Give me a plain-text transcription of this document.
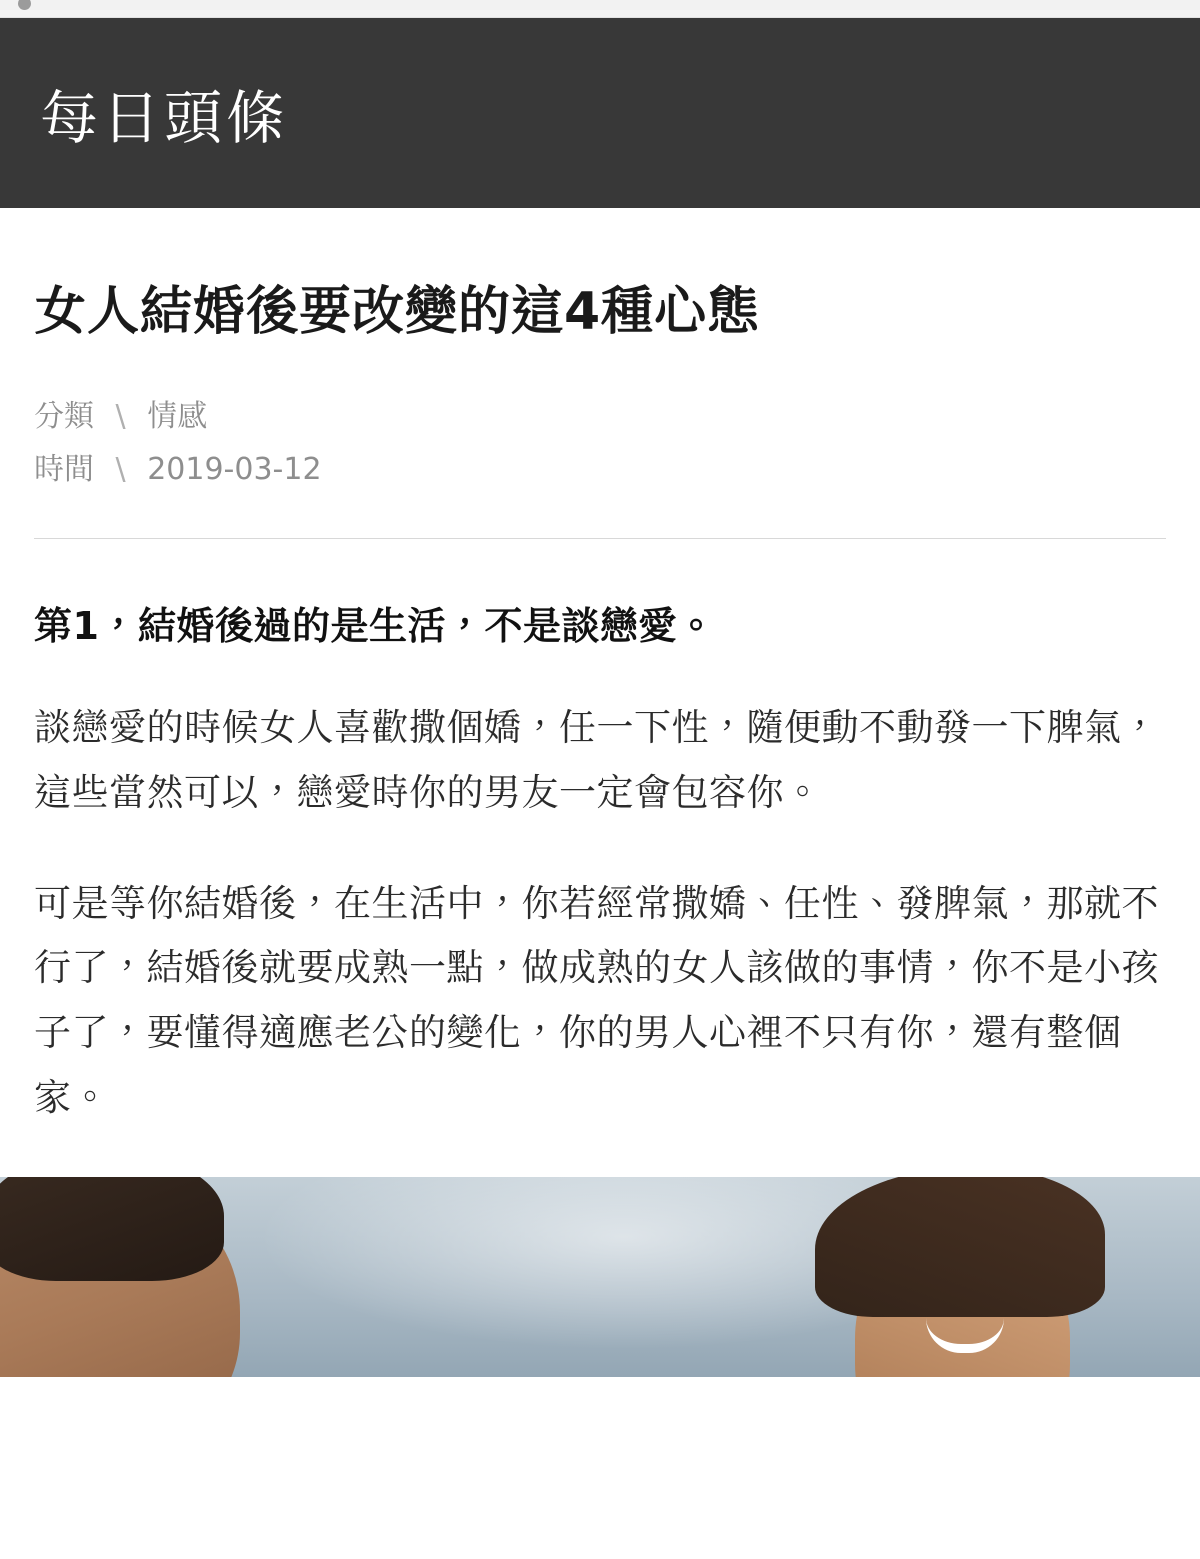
每日頭條
女人結婚後要改變的這4種心態
分類 \ 情感
時間 \ 2019-03-12
第1，結婚後過的是生活，不是談戀愛。

談戀愛的時候女人喜歡撒個嬌，任一下性，隨便動不動發一下脾氣，這些當然可以，戀愛時你的男友一定會包容你。

可是等你結婚後，在生活中，你若經常撒嬌、任性、發脾氣，那就不行了，結婚後就要成熟一點，做成熟的女人該做的事情，你不是小孩子了，要懂得適應老公的變化，你的男人心裡不只有你，還有整個家。
